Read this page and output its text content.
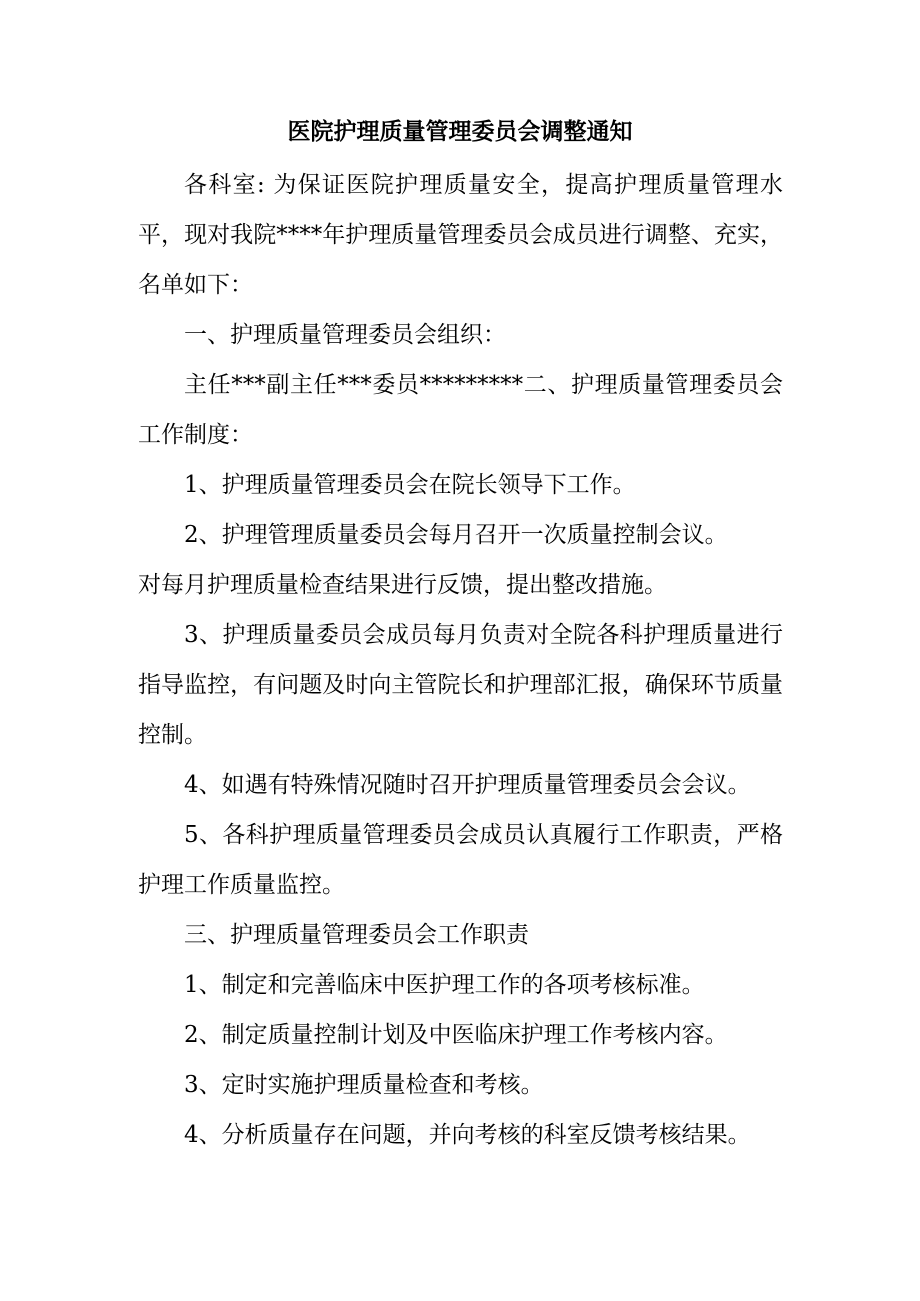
医院护理质量管理委员会调整通知

各科室: 为保证医院护理质量安全，提高护理质量管理水平，现对我院****年护理质量管理委员会成员进行调整、充实，名单如下：

一、护理质量管理委员会组织：

主任***副主任***委员*********二、护理质量管理委员会工作制度：

1、护理质量管理委员会在院长领导下工作。

2、护理管理质量委员会每月召开一次质量控制会议。

对每月护理质量检查结果进行反馈，提出整改措施。

3、护理质量委员会成员每月负责对全院各科护理质量进行指导监控，有问题及时向主管院长和护理部汇报，确保环节质量控制。

4、如遇有特殊情况随时召开护理质量管理委员会会议。

5、各科护理质量管理委员会成员认真履行工作职责，严格护理工作质量监控。

三、护理质量管理委员会工作职责

1、制定和完善临床中医护理工作的各项考核标准。

2、制定质量控制计划及中医临床护理工作考核内容。

3、定时实施护理质量检查和考核。

4、分析质量存在问题，并向考核的科室反馈考核结果。
